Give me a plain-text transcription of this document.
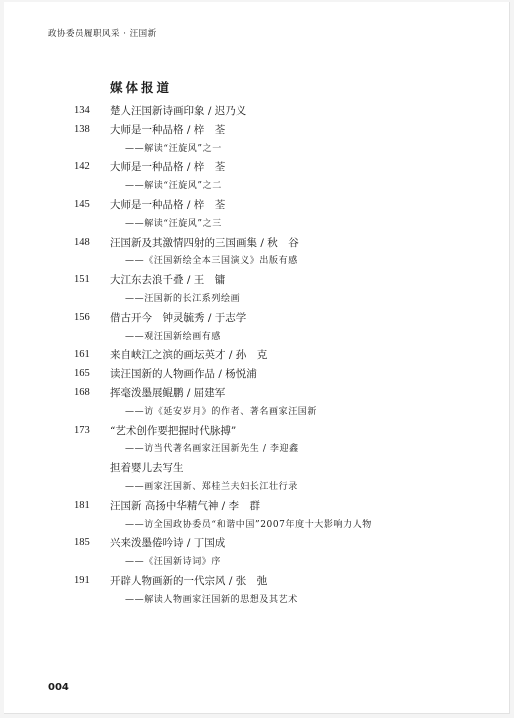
政协委员履职风采 · 汪国新
媒体报道
134	楚人汪国新诗画印象 / 迟乃义
138	大师是一种品格 / 梓　荃
——解读“汪旋风”之一
142	大师是一种品格 / 梓　荃
——解读“汪旋风”之二
145	大师是一种品格 / 梓　荃
——解读“汪旋风”之三
148	汪国新及其激情四射的三国画集 / 秋　谷
——《汪国新绘全本三国演义》出版有感
151	大江东去浪千叠 / 王　镛
——汪国新的长江系列绘画
156	借古开今　钟灵毓秀 / 于志学
——观汪国新绘画有感
161	来自峡江之滨的画坛英才 / 孙　克
165	读汪国新的人物画作品 / 杨悦浦
168	挥毫泼墨展鲲鹏 / 屈建军
——访《延安岁月》的作者、著名画家汪国新
173	“艺术创作要把握时代脉搏”
——访当代著名画家汪国新先生 / 李迎鑫
担着婴儿去写生
——画家汪国新、郑桂兰夫妇长江壮行录
181	汪国新 高扬中华精气神 / 李　群
——访全国政协委员“和谐中国”2007年度十大影响力人物
185	兴来泼墨倦吟诗 / 丁国成
——《汪国新诗词》序
191	开辟人物画新的一代宗风 / 张　弛
——解读人物画家汪国新的思想及其艺术
004
